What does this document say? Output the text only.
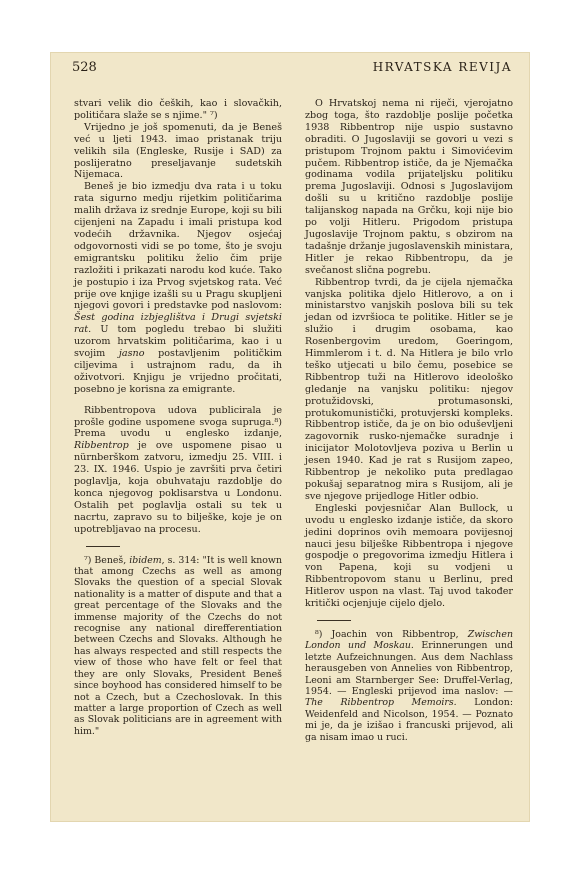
528	HRVATSKA REVIJA

stvari velik dio čeških, kao i slovačkih, političara slaže se s njime." ⁷)

Vrijedno je još spomenuti, da je Beneš već u ljeti 1943. imao pristanak triju velikih sila (Engleske, Rusije i SAD) za poslijeratno preseljavanje sudetskih Nijemaca.

Beneš je bio izmedju dva rata i u toku rata sigurno medju rijetkim političarima malih država iz srednje Europe, koji su bili cijenjeni na Zapadu i imali pristupa kod vodećih državnika. Njegov osjećaj odgovornosti vidi se po tome, što je svoju emigrantsku politiku želio čim prije razložiti i prikazati narodu kod kuće. Tako je postupio i iza Prvog svjetskog rata. Već prije ove knjige izašli su u Pragu skupljeni njegovi govori i predstavke pod naslovom: Šest godina izbjeglištva i Drugi svjetski rat. U tom pogledu trebao bi služiti uzorom hrvatskim političarima, kao i u svojim jasno postavljenim političkim ciljevima i ustrajnom radu, da ih oživotvori. Knjigu je vrijedno pročitati, posebno je korisna za emigrante.

Ribbentropova udova publicirala je prošle godine uspomene svoga supruga.⁸) Prema uvodu u englesko izdanje, Ribbentrop je ove uspomene pisao u nürnberškom zatvoru, izmedju 25. VIII. i 23. IX. 1946. Uspio je završiti prva četiri poglavlja, koja obuhvataju razdoblje do konca njegovog poklisarstva u Londonu. Ostalih pet poglavlja ostali su tek u nacrtu, zapravo su to bilješke, koje je on upotrebljavao na procesu.

⁷) Beneš, ibidem, s. 314: "It is well known that among Czechs as well as among Slovaks the question of a special Slovak nationality is a matter of dispute and that a great percentage of the Slovaks and the immense majority of the Czechs do not recognise any national direfferentiation between Czechs and Slovaks. Although he has always respected and still respects the view of those who have felt or feel that they are only Slovaks, President Beneš since boyhood has considered himself to be not a Czech, but a Czechoslovak. In this matter a large proportion of Czech as well as Slovak politicians are in agreement with him."

O Hrvatskoj nema ni riječi, vjerojatno zbog toga, što razdoblje poslije početka 1938 Ribbentrop nije uspio sustavno obraditi. O Jugoslaviji se govori u vezi s pristupom Trojnom paktu i Simovićevim pučem. Ribbentrop ističe, da je Njemačka godinama vodila prijateljsku politiku prema Jugoslaviji. Odnosi s Jugoslavijom došli su u kritično razdoblje poslije talijanskog napada na Grčku, koji nije bio po volji Hitleru. Prigodom pristupa Jugoslavije Trojnom paktu, s obzirom na tadašnje držanje jugoslavenskih ministara, Hitler je rekao Ribbentropu, da je svečanost slična pogrebu.

Ribbentrop tvrdi, da je cijela njemačka vanjska politika djelo Hitlerovo, a on i ministarstvo vanjskih poslova bili su tek jedan od izvršioca te politike. Hitler se je služio i drugim osobama, kao Rosenbergovim uredom, Goeringom, Himmlerom i t. d. Na Hitlera je bilo vrlo teško utjecati u bilo čemu, posebice se Ribbentrop tuži na Hitlerovo ideološko gledanje na vanjsku politiku: njegov protužidovski, protumasonski, protukomunistički, protuvjerski kompleks. Ribbentrop ističe, da je on bio oduševljeni zagovornik rusko-njemačke suradnje i inicijator Molotovljeva poziva u Berlin u jesen 1940. Kad je rat s Rusijom zapeo, Ribbentrop je nekoliko puta predlagao pokušaj separatnog mira s Rusijom, ali je sve njegove prijedloge Hitler odbio.

Engleski povjesničar Alan Bullock, u uvodu u englesko izdanje ističe, da skoro jedini doprinos ovih memoara povijesnoj nauci jesu bilješke Ribbentropa i njegove gospodje o pregovorima izmedju Hitlera i von Papena, koji su vodjeni u Ribbentropovom stanu u Berlinu, pred Hitlerov uspon na vlast. Taj uvod također kritički ocjenjuje cijelo djelo.

⁸) Joachin von Ribbentrop, Zwischen London und Moskau. Erinnerungen und letzte Aufzeichnungen. Aus dem Nachlass herausgeben von Annelies von Ribbentrop, Leoni am Starnberger See: Druffel-Verlag, 1954. — Engleski prijevod ima naslov: — The Ribbentrop Memoirs. London: Weidenfeld and Nicolson, 1954. — Poznato mi je, da je izišao i francuski prijevod, ali ga nisam imao u ruci.
